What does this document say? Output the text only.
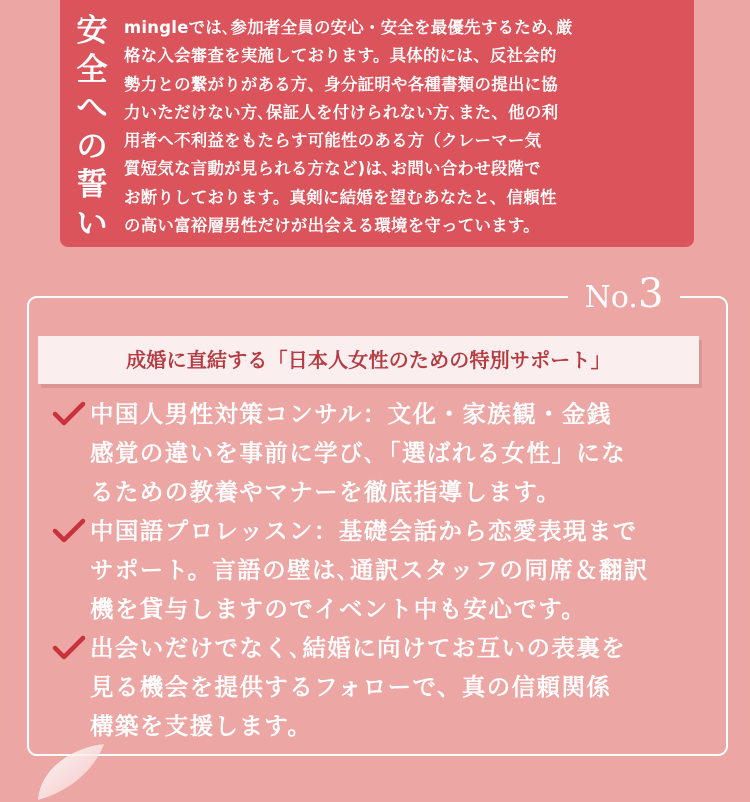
安
全
へ
の
誓
い
mingleでは､参加者全員の安心・安全を最優先するため､厳
格な入会審査を実施しております。具体的には、反社会的
勢力との繋がりがある方、身分証明や各種書類の提出に協
力いただけない方､保証人を付けられない方､また、他の利
用者へ不利益をもたらす可能性のある方（クレーマー気
質短気な言動が見られる方など)は､お問い合わせ段階で
お断りしております。真剣に結婚を望むあなたと、信頼性
の高い富裕層男性だけが出会える環境を守っています。
No.3
成婚に直結する「日本人女性のための特別サポート」
中国人男性対策コンサル：文化・家族観・金銭
感覚の違いを事前に学び､「選ばれる女性」にな
るための教養やマナーを徹底指導します。
中国語プロレッスン：基礎会話から恋愛表現まで
サポート。言語の壁は､通訳スタッフの同席＆翻訳
機を貸与しますのでイベント中も安心です。
出会いだけでなく､結婚に向けてお互いの表裏を
見る機会を提供するフォローで、真の信頼関係
構築を支援します。
